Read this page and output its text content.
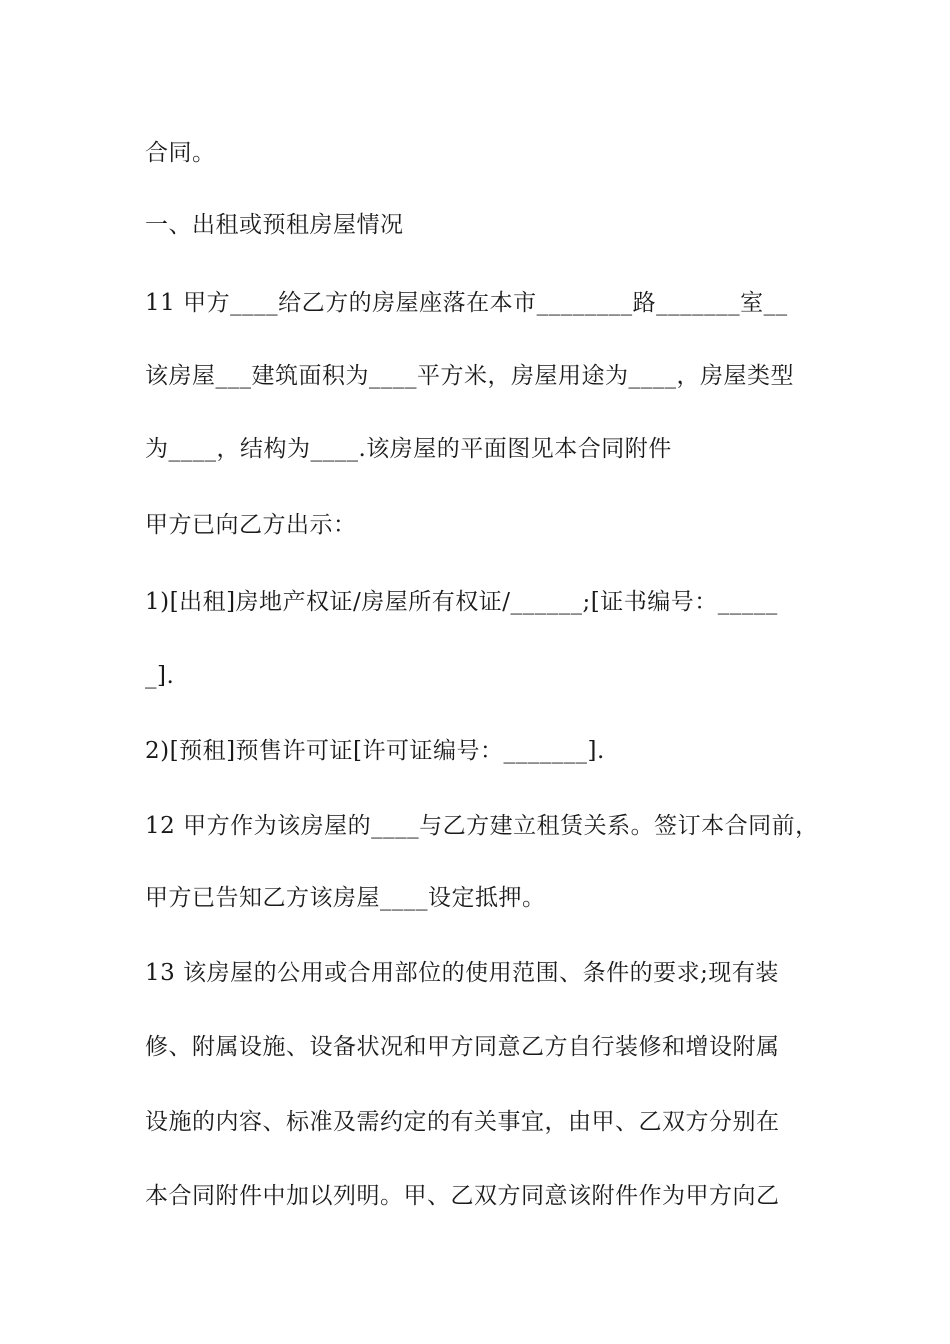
合同。
一、出租或预租房屋情况
11 甲方____给乙方的房屋座落在本市________路_______室__
该房屋___建筑面积为____平方米，房屋用途为____，房屋类型
为____，结构为____.该房屋的平面图见本合同附件
甲方已向乙方出示：
1)[出租]房地产权证/房屋所有权证/______;[证书编号：_____
_].
2)[预租]预售许可证[许可证编号：_______].
12 甲方作为该房屋的____与乙方建立租赁关系。签订本合同前，
甲方已告知乙方该房屋____设定抵押。
13 该房屋的公用或合用部位的使用范围、条件的要求;现有装
修、附属设施、设备状况和甲方同意乙方自行装修和增设附属
设施的内容、标准及需约定的有关事宜，由甲、乙双方分别在
本合同附件中加以列明。甲、乙双方同意该附件作为甲方向乙
